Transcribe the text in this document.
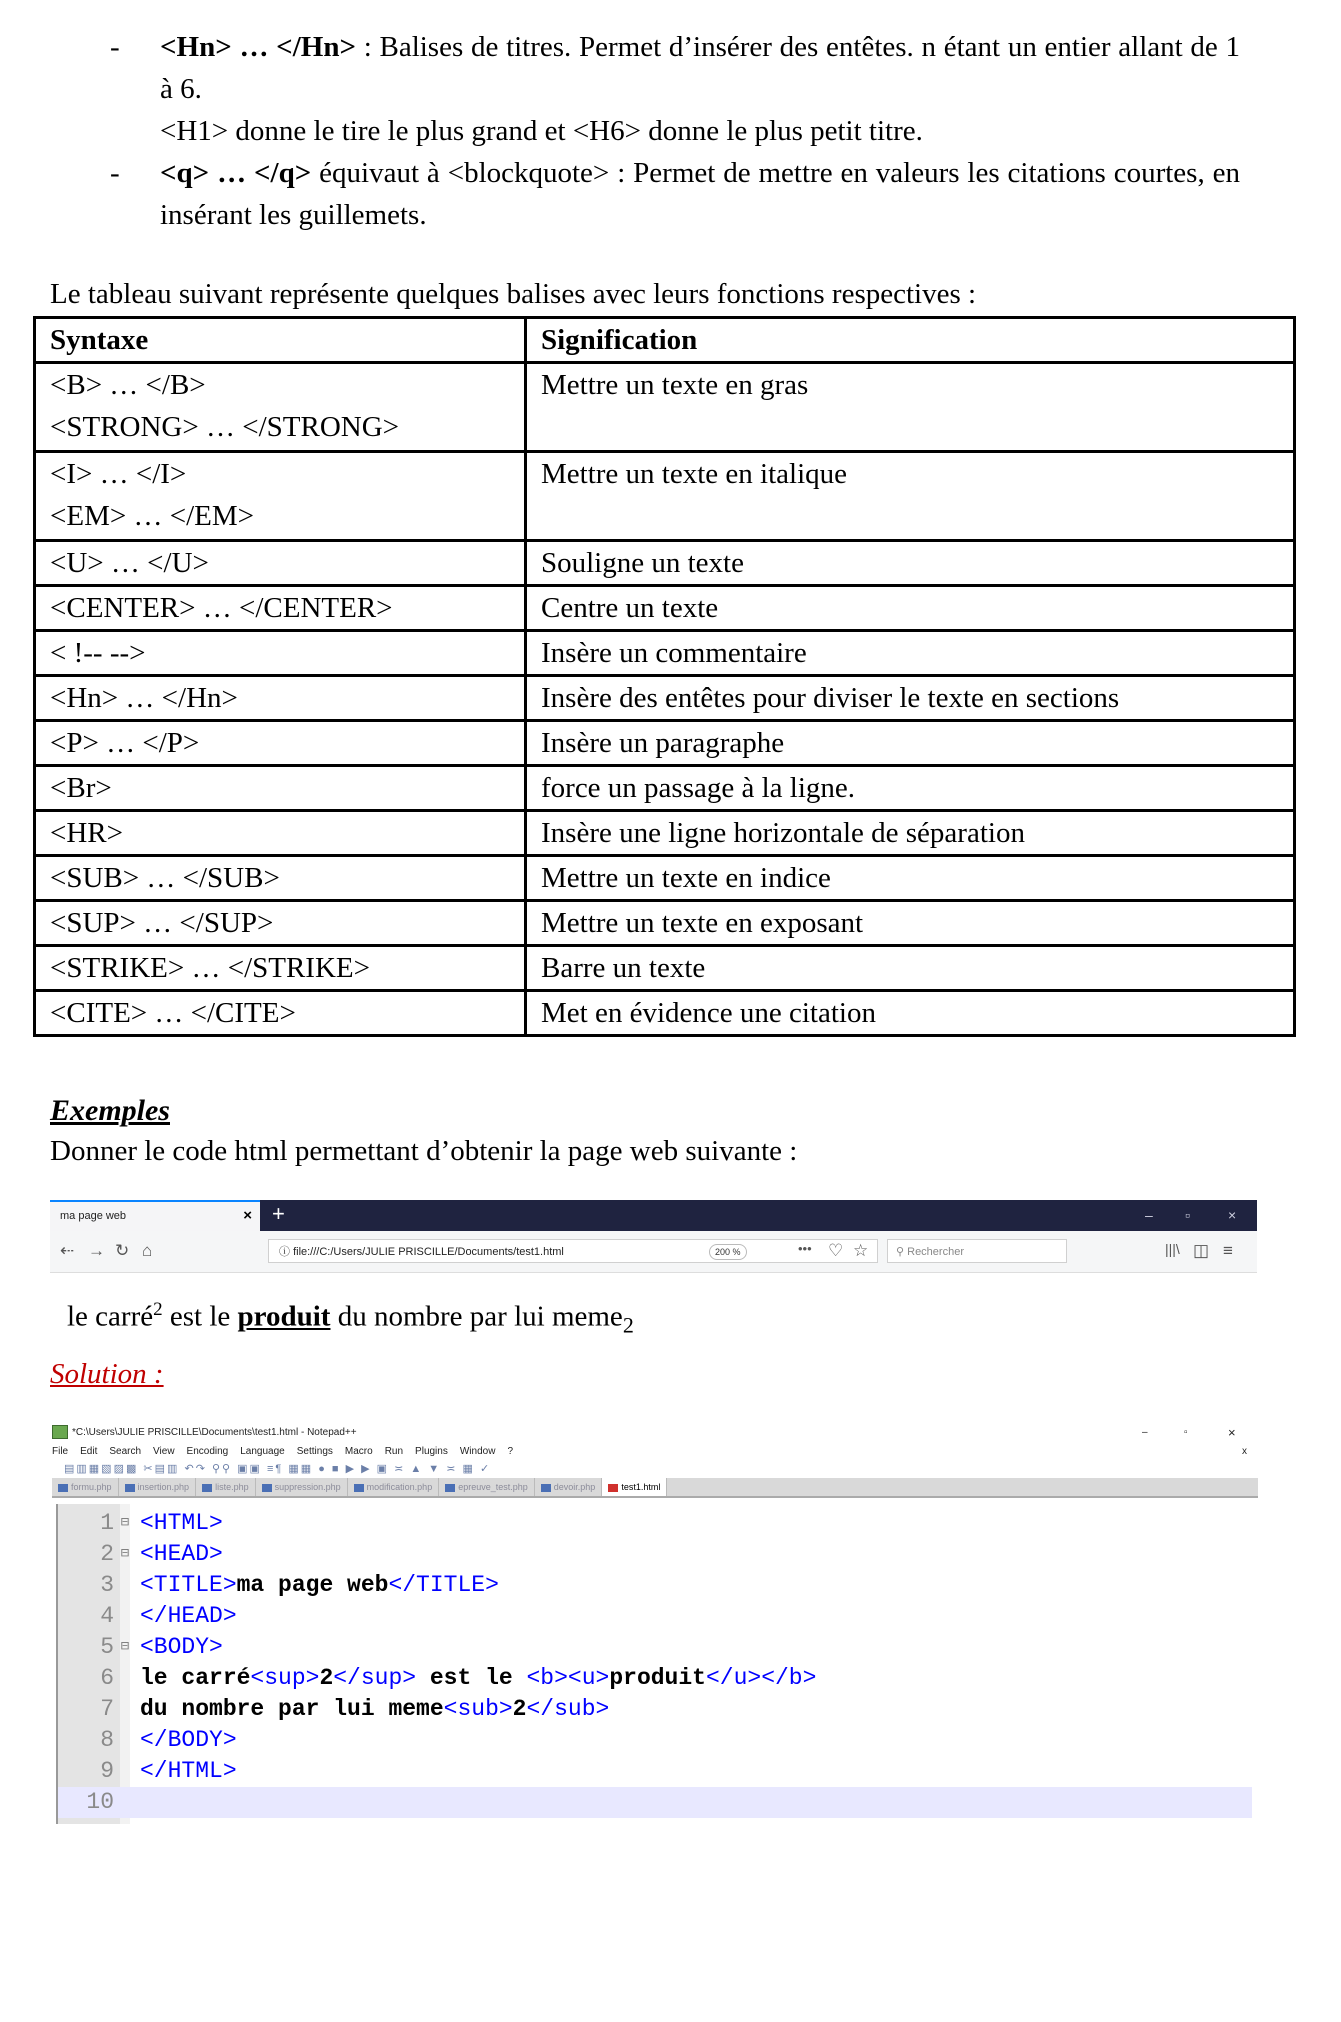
- <Hn> … </Hn> : Balises de titres. Permet d’insérer des entêtes. n étant un entier allant de 1 à 6.
<H1> donne le tire le plus grand et <H6> donne le plus petit titre.
- <q> … </q> équivaut à <blockquote> : Permet de mettre en valeurs les citations courtes, en insérant les guillemets.
Le tableau suivant représente quelques balises avec leurs fonctions respectives :
Syntaxe	Signification

<B> … </B>
<STRONG> … </STRONG>	Mettre un texte en gras

<I> … </I>
<EM> … </EM>	Mettre un texte en italique

<U> … </U>	Souligne un texte

<CENTER> … </CENTER>	Centre un texte

< !-- -->	Insère un commentaire

<Hn> … </Hn>	Insère des entêtes pour diviser le texte en sections

<P> … </P>	Insère un paragraphe

<Br>	force un passage à la ligne.

<HR>	Insère une ligne horizontale de séparation

<SUB> … </SUB>	Mettre un texte en indice

<SUP> … </SUP>	Mettre un texte en exposant

<STRIKE> … </STRIKE>	Barre un texte

<CITE> … </CITE>	Met en évidence une citation
Exemples
Donner le code html permettant d’obtenir la page web suivante :
ma page web	× +	– ▫	×
⇠ → ↻ ⌂	ⓘ file:///C:/Users/JULIE PRISCILLE/Documents/test1.html	200 %	••• ♡ ☆	⚲ Rechercher	|||\ ◫ ≡
le carré$^2$ est le produit du nombre par lui meme$_2$
Solution :
*C:\Users\JULIE PRISCILLE\Documents\test1.html - Notepad++	–	▫	×
File Edit Search View Encoding Language Settings Macro Run Plugins Window ?	x
▤▥▦▧▨▩ ✂▤▥ ↶↷ ⚲⚲ ▣▣ ≡¶ ▦▦ ● ■ ▶ ▶ ▣ ≍ ▲ ▼ ≍ ▦ ✓
formu.php	insertion.php	liste.php	suppression.php	modification.php	epreuve_test.php	devoir.php	test1.html
1 ⊟ <HTML>
2 ⊟ <HEAD>
3 <TITLE>ma page web</TITLE>
4 </HEAD>
5 ⊟ <BODY>
6 le carré<sup>2</sup> est le <b><u>produit</u></b>
7 du nombre par lui meme<sub>2</sub>
8 </BODY>
9 </HTML>
10
